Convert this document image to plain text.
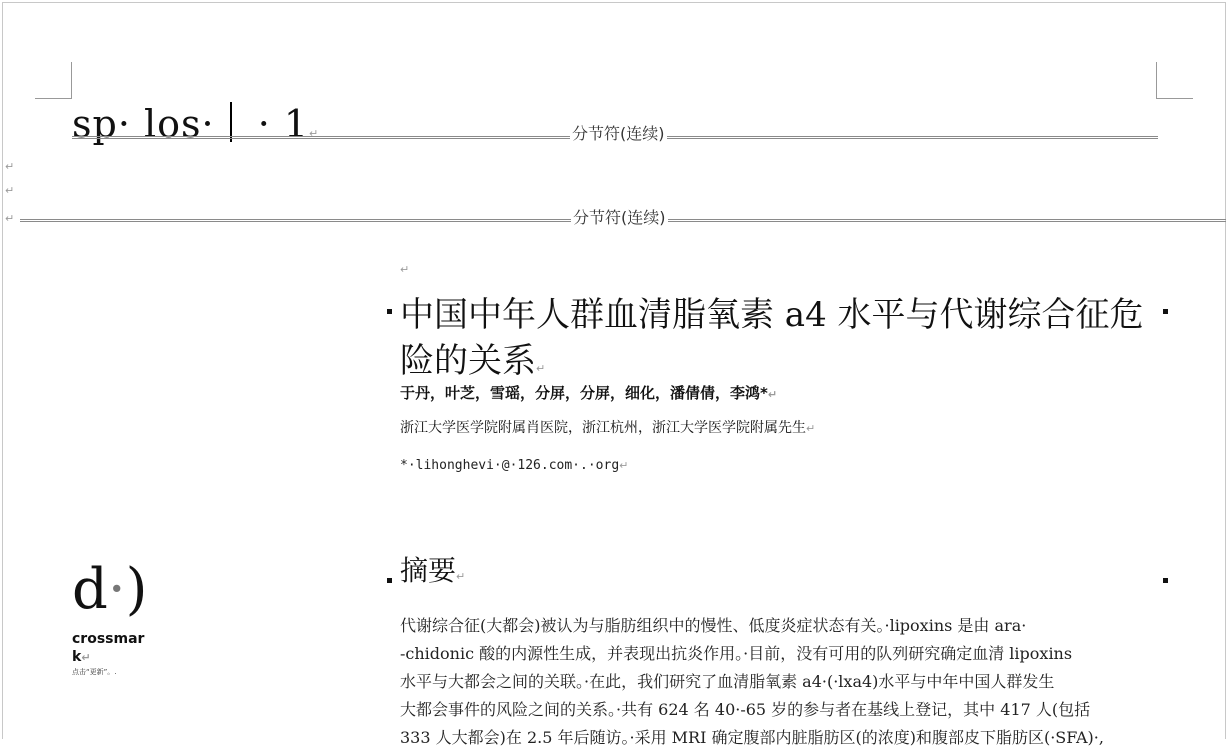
sp· los· · 1↵	分节符(连续)
↵
↵
↵	分节符(连续)
↵
中国中年人群血清脂氧素 a4 水平与代谢综合征危险的关系↵
于丹，叶芝，雪瑶，分屏，分屏，细化，潘倩倩，李鸿*↵
浙江大学医学院附属肖医院，浙江杭州，浙江大学医学院附属先生↵
*·lihonghevi·@·126.com·.·org↵
d·)
crossmark↵
点击“更新”。.
摘要↵
代谢综合征(大都会)被认为与脂肪组织中的慢性、低度炎症状态有关。·lipoxins 是由 ara·
-chidonic 酸的内源性生成，并表现出抗炎作用。·目前，没有可用的队列研究确定血清 lipoxins
水平与大都会之间的关联。·在此，我们研究了血清脂氧素 a4·(·lxa4)水平与中年中国人群发生
大都会事件的风险之间的关系。·共有 624 名 40·-65 岁的参与者在基线上登记，其中 417 人(包括
333 人大都会)在 2.5 年后随访。·采用 MRI 确定腹部内脏脂肪区(的浓度)和腹部皮下脂肪区(·SFA)·,
